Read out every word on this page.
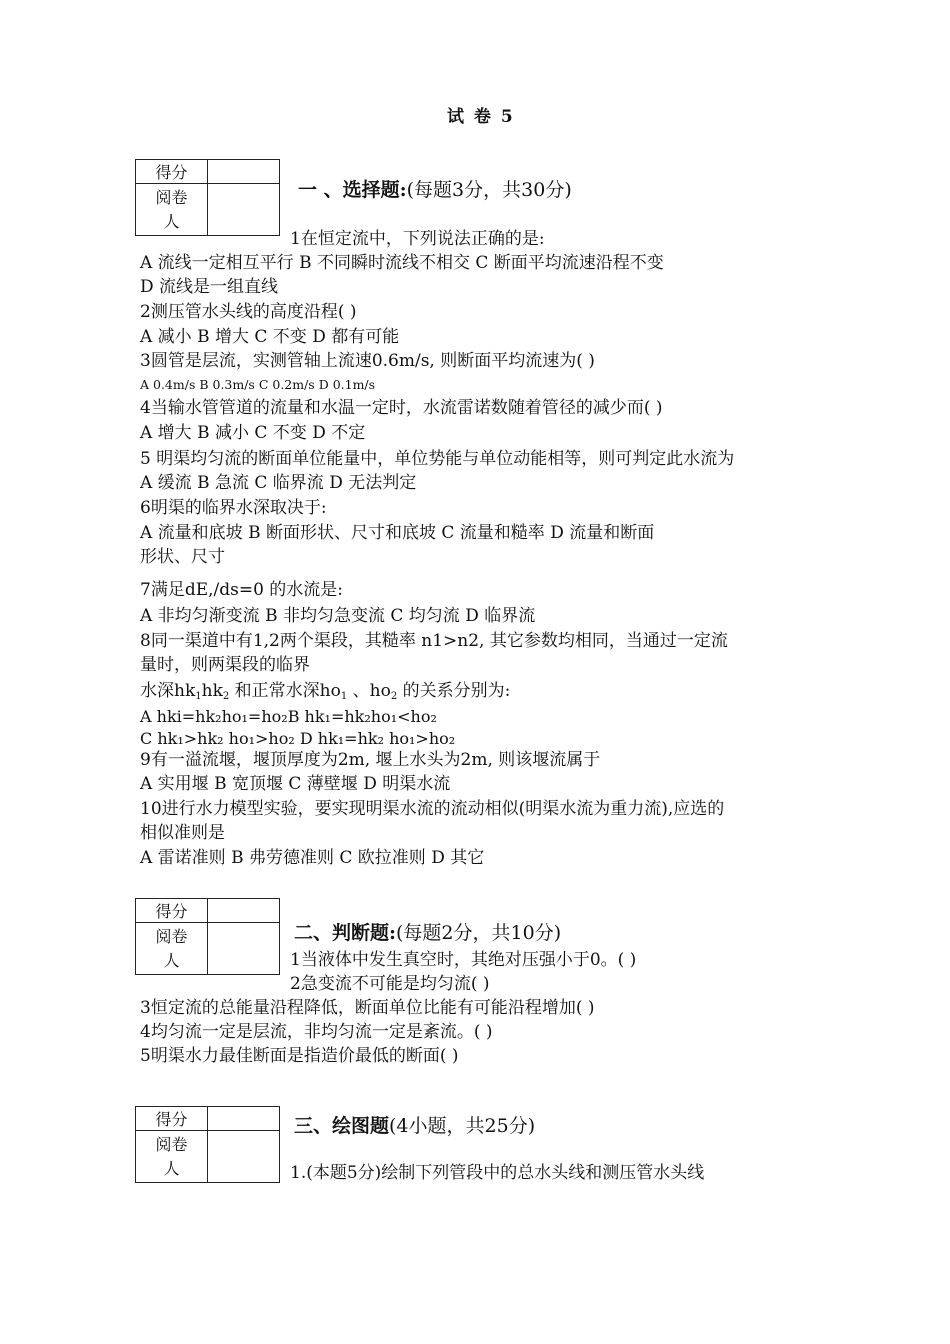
试 卷 5
得分	
阅卷
人	
一 、选择题:(每题3分，共30分)
1在恒定流中，下列说法正确的是:
A 流线一定相互平行 B 不同瞬时流线不相交 C 断面平均流速沿程不变
D 流线是一组直线
2测压管水头线的高度沿程( )
A 减小 B 增大 C 不变 D 都有可能
3圆管是层流，实测管轴上流速0.6m/s, 则断面平均流速为( )
A 0.4m/s B 0.3m/s C 0.2m/s D 0.1m/s
4当输水管管道的流量和水温一定时，水流雷诺数随着管径的减少而( )
A 增大 B 减小 C 不变 D 不定
5 明渠均匀流的断面单位能量中，单位势能与单位动能相等，则可判定此水流为
A 缓流 B 急流 C 临界流 D 无法判定
6明渠的临界水深取决于:
A 流量和底坡 B 断面形状、尺寸和底坡 C 流量和糙率 D 流量和断面
形状、尺寸
7满足dE,/ds=0 的水流是:
A 非均匀渐变流 B 非均匀急变流 C 均匀流 D 临界流
8同一渠道中有1,2两个渠段，其糙率 n1>n2, 其它参数均相同，当通过一定流
量时，则两渠段的临界
水深$hk_1hk_2$ 和正常水深$ho_1$ 、$ho_2$ 的关系分别为:
A hki=hk₂ho₁=ho₂B hk₁=hk₂ho₁<ho₂
C hk₁>hk₂ ho₁>ho₂ D hk₁=hk₂ ho₁>ho₂
9有一溢流堰，堰顶厚度为2m, 堰上水头为2m, 则该堰流属于
A 实用堰 B 宽顶堰 C 薄壁堰 D 明渠水流
10进行水力模型实验，要实现明渠水流的流动相似(明渠水流为重力流),应选的
相似准则是
A 雷诺准则 B 弗劳德准则 C 欧拉准则 D 其它
得分	
阅卷
人	
二、判断题:(每题2分，共10分)
1当液体中发生真空时，其绝对压强小于0。( )
2急变流不可能是均匀流( )
3恒定流的总能量沿程降低，断面单位比能有可能沿程增加( )
4均匀流一定是层流，非均匀流一定是紊流。( )
5明渠水力最佳断面是指造价最低的断面( )
得分	
阅卷
人	
三、绘图题(4小题，共25分)
1.(本题5分)绘制下列管段中的总水头线和测压管水头线
